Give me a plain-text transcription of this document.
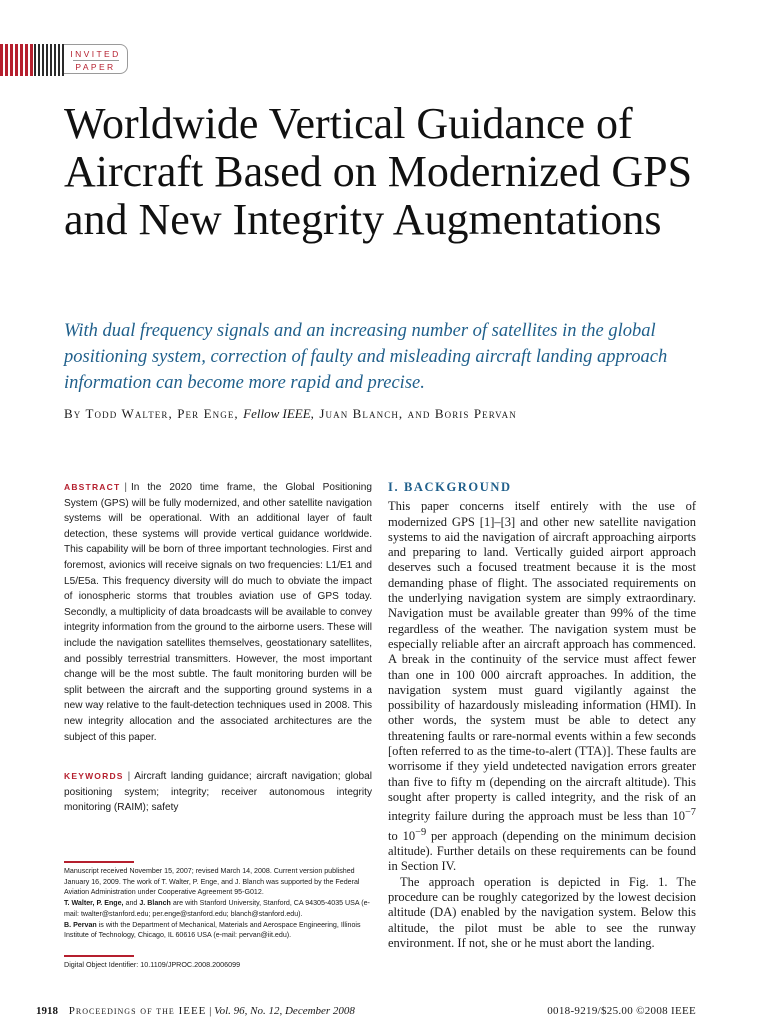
INVITED
PAPER
Worldwide Vertical Guidance of Aircraft Based on Modernized GPS and New Integrity Augmentations

With dual frequency signals and an increasing number of satellites in the global positioning system, correction of faulty and misleading aircraft landing approach information can become more rapid and precise.

By Todd Walter, Per Enge, Fellow IEEE, Juan Blanch, and Boris Pervan

ABSTRACT | In the 2020 time frame, the Global Positioning System (GPS) will be fully modernized, and other satellite navigation systems will be operational. With an additional layer of fault detection, these systems will provide vertical guidance worldwide. This capability will be born of three important technologies. First and foremost, avionics will receive signals on two frequencies: L1/E1 and L5/E5a. This frequency diversity will do much to obviate the impact of ionospheric storms that troubles aviation use of GPS today. Secondly, a multiplicity of data broadcasts will be available to convey integrity information from the ground to the airborne users. These will include the navigation satellites themselves, geostationary satellites, and possibly terrestrial transmitters. However, the most important change will be the most subtle. The fault monitoring burden will be split between the aircraft and the supporting ground systems in a new way relative to the fault-detection techniques used in 2008. This new integrity allocation and the associated architectures are the subject of this paper.

KEYWORDS | Aircraft landing guidance; aircraft navigation; global positioning system; integrity; receiver autonomous integrity monitoring (RAIM); safety

Manuscript received November 15, 2007; revised March 14, 2008. Current version published January 16, 2009. The work of T. Walter, P. Enge, and J. Blanch was supported by the Federal Aviation Administration under Cooperative Agreement 95-G012.

T. Walter, P. Enge, and J. Blanch are with Stanford University, Stanford, CA 94305-4035 USA (e-mail: twalter@stanford.edu; per.enge@stanford.edu; blanch@stanford.edu).

B. Pervan is with the Department of Mechanical, Materials and Aerospace Engineering, Illinois Institute of Technology, Chicago, IL 60616 USA (e-mail: pervan@iit.edu).

Digital Object Identifier: 10.1109/JPROC.2008.2006099
I. BACKGROUND

This paper concerns itself entirely with the use of modernized GPS [1]–[3] and other new satellite navigation systems to aid the navigation of aircraft approaching airports and preparing to land. Vertically guided airport approach deserves such a focused treatment because it is the most demanding phase of flight. The associated requirements on the underlying navigation system are simply extraordinary. Navigation must be available greater than 99% of the time regardless of the weather. The navigation system must be especially reliable after an aircraft approach has commenced. A break in the continuity of the service must affect fewer than one in 100 000 aircraft approaches. In addition, the navigation system must guard vigilantly against the possibility of hazardously misleading information (HMI). In other words, the system must be able to detect any threatening faults or rare-normal events within a few seconds [often referred to as the time-to-alert (TTA)]. These faults are worrisome if they yield undetected navigation errors greater than five to fifty m (depending on the aircraft altitude). This sought after property is called integrity, and the risk of an integrity failure during the approach must be less than $10^{-7}$ to $10^{-9}$ per approach (depending on the minimum decision altitude). Further details on these requirements can be found in Section IV.

The approach operation is depicted in Fig. 1. The procedure can be roughly categorized by the lowest decision altitude (DA) enabled by the navigation system. Below this altitude, the pilot must be able to see the runway environment. If not, she or he must abort the landing.

1918 Proceedings of the IEEE | Vol. 96, No. 12, December 2008	0018-9219/$25.00 ©2008 IEEE
